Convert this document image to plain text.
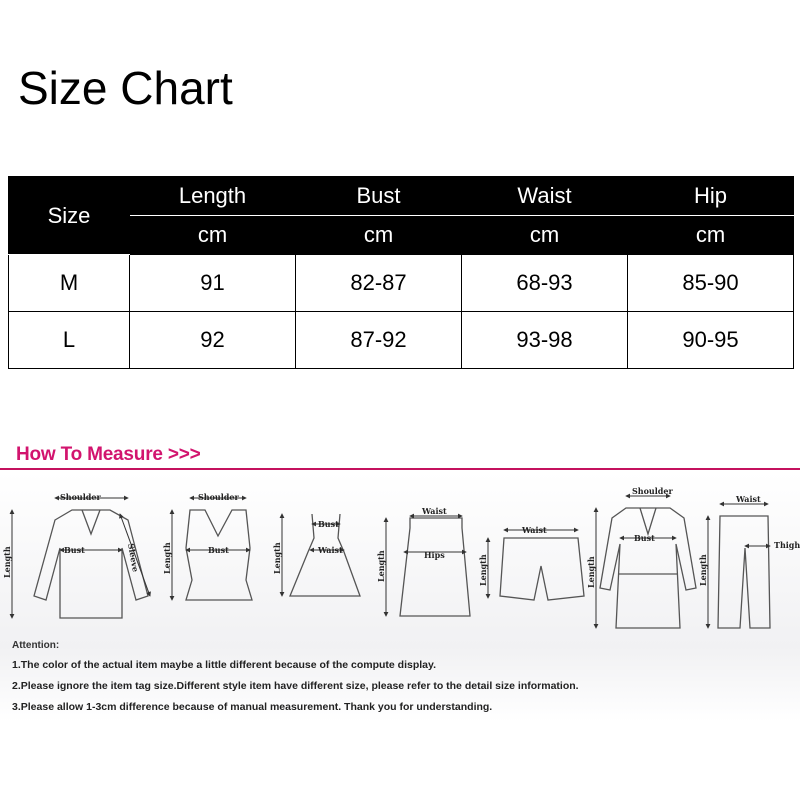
Size Chart
Size	Length	Bust	Waist	Hip
	cm	cm	cm	cm
M	91	82-87	68-93	85-90
L	92	87-92	93-98	90-95
How To Measure >>>
Shoulder
Bust
Length	Sleeve
Shoulder
Bust
Length
Bust
Waist
Length
Waist
Hips
Length
Waist
Length
Shoulder
Bust
Length
Waist
Thigh
Length

Attention:

1.The color of the actual item maybe a little different because of the compute display.
2.Please ignore the item tag size.Different style item have different size, please refer to the detail size information.
3.Please allow 1-3cm difference because of manual measurement. Thank you for understanding.
